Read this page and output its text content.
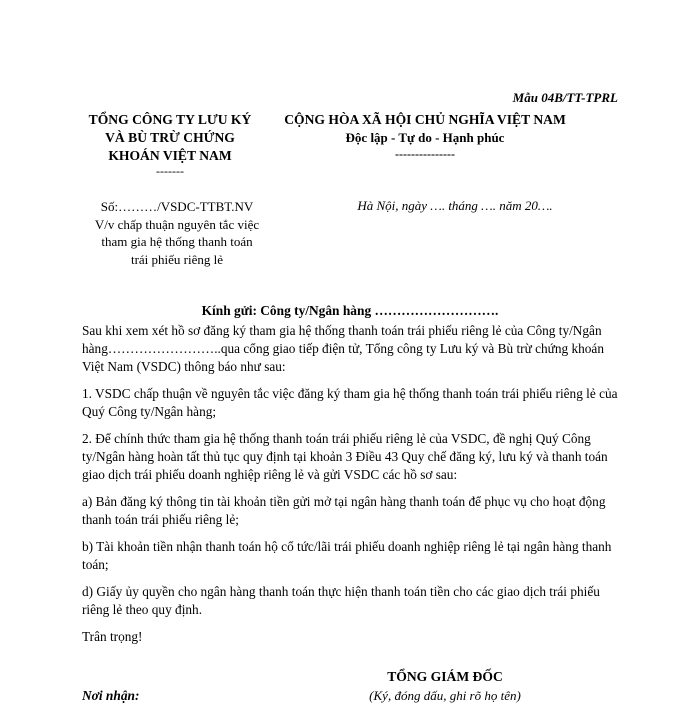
Mẫu 04B/TT-TPRL
TỔNG CÔNG TY LƯU KÝ
VÀ BÙ TRỪ CHỨNG
KHOÁN VIỆT NAM
-------
CỘNG HÒA XÃ HỘI CHỦ NGHĨA VIỆT NAM
Độc lập - Tự do - Hạnh phúc
---------------
Số:………/VSDC-TTBT.NV
V/v chấp thuận nguyên tắc việc
tham gia hệ thống thanh toán
trái phiếu riêng lẻ
Hà Nội, ngày …. tháng …. năm 20….
Kính gửi: Công ty/Ngân hàng ……………………….

Sau khi xem xét hồ sơ đăng ký tham gia hệ thống thanh toán trái phiếu riêng lẻ của Công ty/Ngân hàng……………………..qua cổng giao tiếp điện tử, Tổng công ty Lưu ký và Bù trừ chứng khoán Việt Nam (VSDC) thông báo như sau:

1. VSDC chấp thuận về nguyên tắc việc đăng ký tham gia hệ thống thanh toán trái phiếu riêng lẻ của Quý Công ty/Ngân hàng;

2. Để chính thức tham gia hệ thống thanh toán trái phiếu riêng lẻ của VSDC, đề nghị Quý Công ty/Ngân hàng hoàn tất thủ tục quy định tại khoản 3 Điều 43 Quy chế đăng ký, lưu ký và thanh toán giao dịch trái phiếu doanh nghiệp riêng lẻ và gửi VSDC các hồ sơ sau:

a) Bản đăng ký thông tin tài khoản tiền gửi mở tại ngân hàng thanh toán để phục vụ cho hoạt động thanh toán trái phiếu riêng lẻ;

b) Tài khoản tiền nhận thanh toán hộ cổ tức/lãi trái phiếu doanh nghiệp riêng lẻ tại ngân hàng thanh toán;

d) Giấy ủy quyền cho ngân hàng thanh toán thực hiện thanh toán tiền cho các giao dịch trái phiếu riêng lẻ theo quy định.

Trân trọng!

TỔNG GIÁM ĐỐC
(Ký, đóng dấu, ghi rõ họ tên)
Nơi nhận:
